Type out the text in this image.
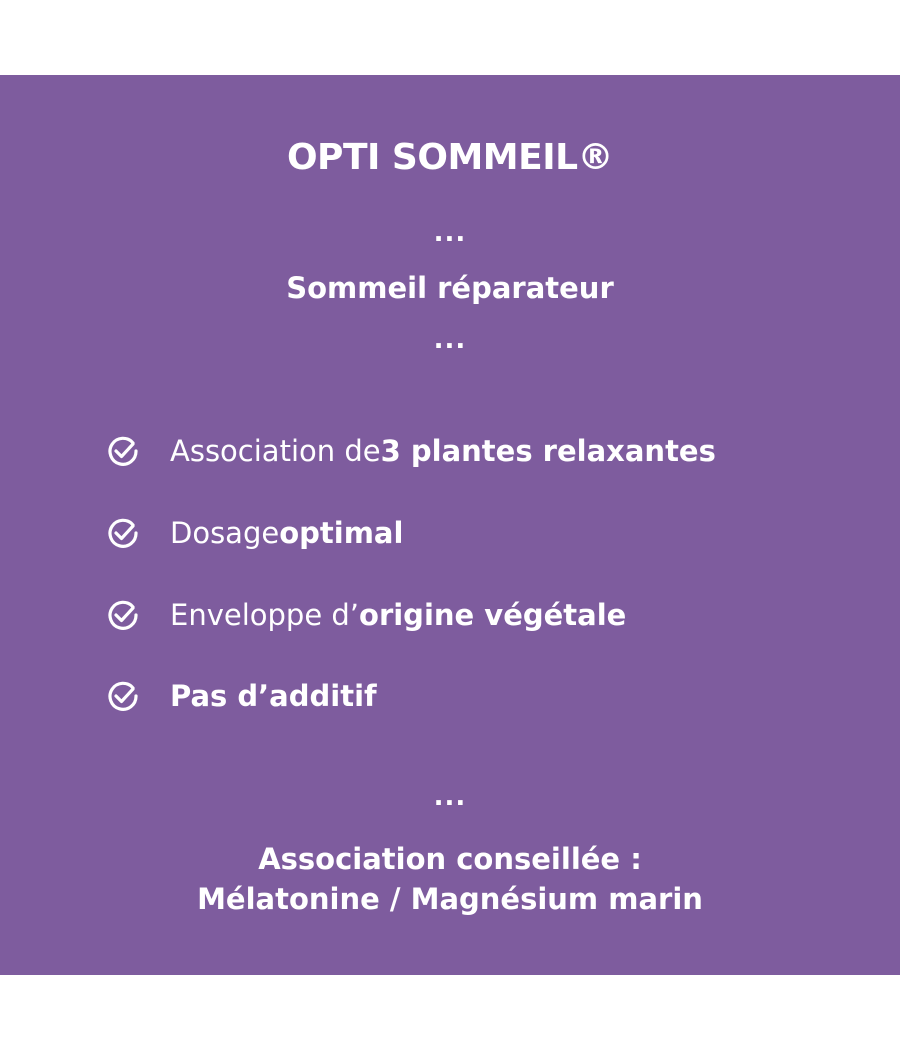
OPTI SOMMEIL®
...
Sommeil réparateur
...
Association de 3 plantes relaxantes
Dosage optimal
Enveloppe d’ origine végétale
Pas d’additif
...
Association conseillée :
Mélatonine / Magnésium marin
